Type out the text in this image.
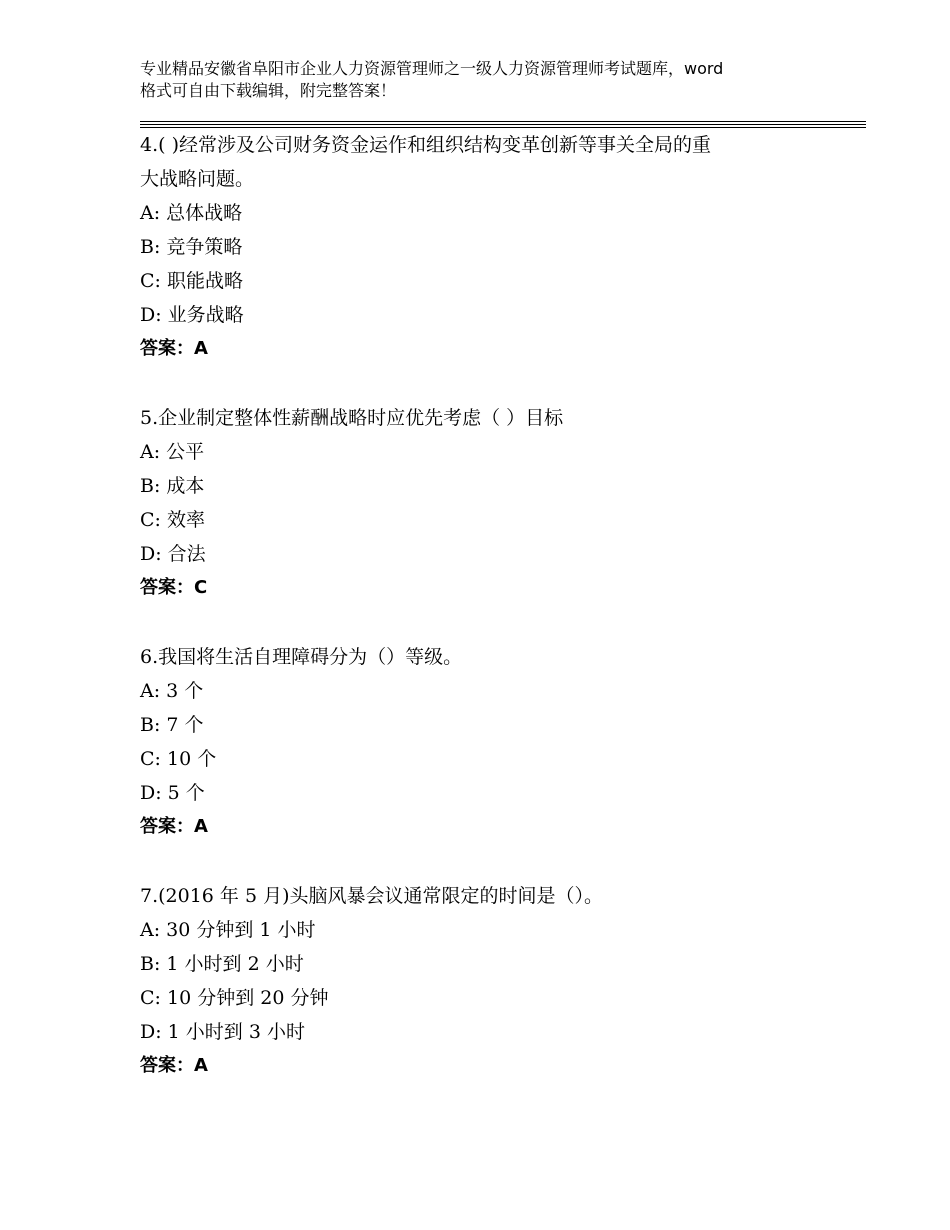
专业精品安徽省阜阳市企业人力资源管理师之一级人力资源管理师考试题库，word
格式可自由下载编辑，附完整答案！
4.( )经常涉及公司财务资金运作和组织结构变革创新等事关全局的重
大战略问题。
A: 总体战略
B: 竞争策略
C: 职能战略
D: 业务战略
答案：A
5.企业制定整体性薪酬战略时应优先考虑（ ）目标
A: 公平
B: 成本
C: 效率
D: 合法
答案：C
6.我国将生活自理障碍分为（）等级。
A: 3 个
B: 7 个
C: 10 个
D: 5 个
答案：A
7.(2016 年 5 月)头脑风暴会议通常限定的时间是（）。
A: 30 分钟到 1 小时
B: 1 小时到 2 小时
C: 10 分钟到 20 分钟
D: 1 小时到 3 小时
答案：A
